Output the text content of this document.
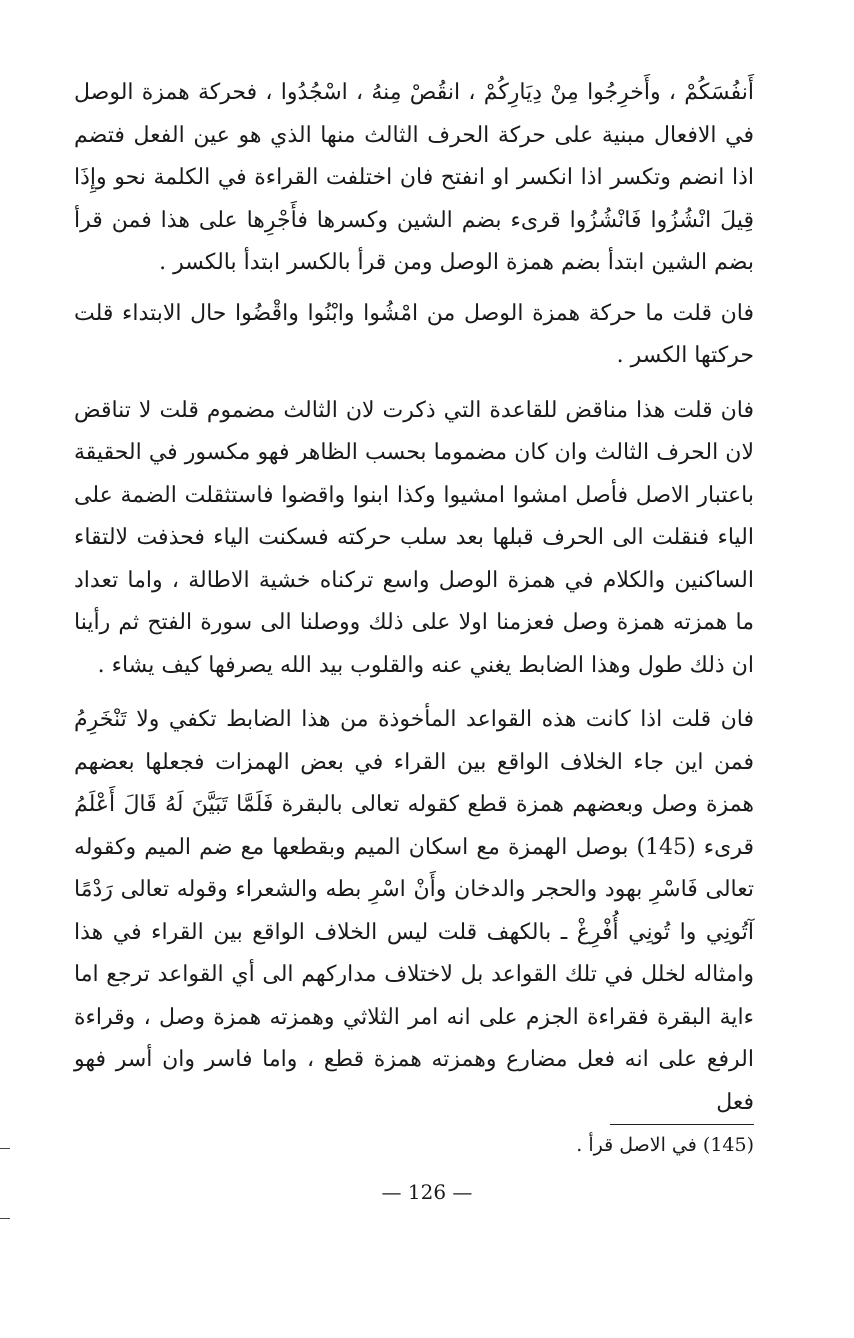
أَنفُسَكُمْ ، وأَخرِجُوا مِنْ دِيَارِكُمْ ، انقُصْ مِنهُ ، اسْجُدُوا ، فحركة همزة الوصل في الافعال مبنية على حركة الحرف الثالث منها الذي هو عين الفعل فتضم اذا انضم وتكسر اذا انكسر او انفتح فان اختلفت القراءة في الكلمة نحو وإِذَا قِيلَ انْشُزُوا فَانْشُزُوا قرىء بضم الشين وكسرها فأَجْرِها على هذا فمن قرأ بضم الشين ابتدأ بضم همزة الوصل ومن قرأ بالكسر ابتدأ بالكسر .

فان قلت ما حركة همزة الوصل من امْشُوا وابْنُوا واقْضُوا حال الابتداء قلت حركتها الكسر .

فان قلت هذا مناقض للقاعدة التي ذكرت لان الثالث مضموم قلت لا تناقض لان الحرف الثالث وان كان مضموما بحسب الظاهر فهو مكسور في الحقيقة باعتبار الاصل فأصل امشوا امشيوا وكذا ابنوا واقضوا فاستثقلت الضمة على الياء فنقلت الى الحرف قبلها بعد سلب حركته فسكنت الياء فحذفت لالتقاء الساكنين والكلام في همزة الوصل واسع تركناه خشية الاطالة ، واما تعداد ما همزته همزة وصل فعزمنا اولا على ذلك ووصلنا الى سورة الفتح ثم رأينا ان ذلك طول وهذا الضابط يغني عنه والقلوب بيد الله يصرفها كيف يشاء .

فان قلت اذا كانت هذه القواعد المأخوذة من هذا الضابط تكفي ولا تَنْخَرِمُ فمن اين جاء الخلاف الواقع بين القراء في بعض الهمزات فجعلها بعضهم همزة وصل وبعضهم همزة قطع كقوله تعالى بالبقرة فَلَمَّا تَبَيَّنَ لَهُ قَالَ أَعْلَمُ قرىء (145) بوصل الهمزة مع اسكان الميم وبقطعها مع ضم الميم وكقوله تعالى فَاسْرِ بهود والحجر والدخان وأَنْ اسْرِ بطه والشعراء وقوله تعالى رَدْمًا آتُونِي وا تُونِي أُفْرِغْ ـ بالكهف قلت ليس الخلاف الواقع بين القراء في هذا وامثاله لخلل في تلك القواعد بل لاختلاف مداركهم الى أي القواعد ترجع اما ءاية البقرة فقراءة الجزم على انه امر الثلاثي وهمزته همزة وصل ، وقراءة الرفع على انه فعل مضارع وهمزته همزة قطع ، واما فاسر وان أسر فهو فعل

(145) في الاصل قرأ .
— 126 —
